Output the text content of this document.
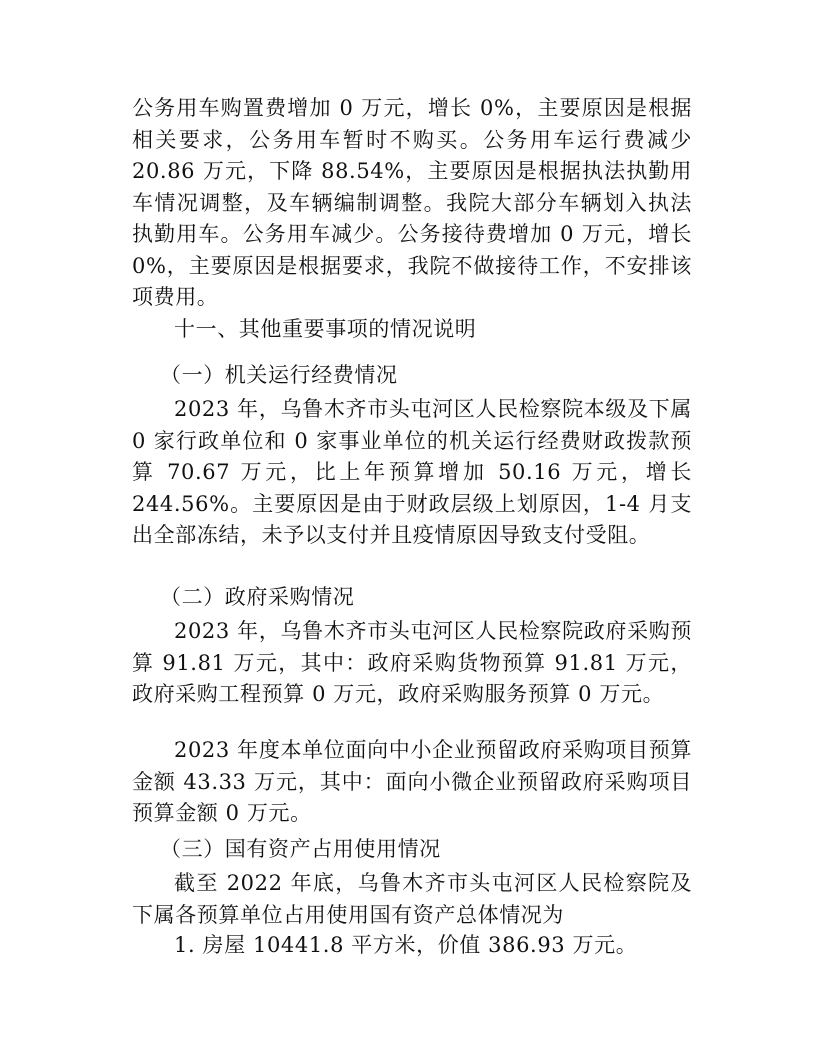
公务用车购置费增加 0 万元，增长 0%，主要原因是根据相关要求，公务用车暂时不购买。公务用车运行费减少 20.86 万元，下降 88.54%，主要原因是根据执法执勤用车情况调整，及车辆编制调整。我院大部分车辆划入执法执勤用车。公务用车减少。公务接待费增加 0 万元，增长 0%，主要原因是根据要求，我院不做接待工作，不安排该项费用。

十一、其他重要事项的情况说明
（一）机关运行经费情况

2023 年，乌鲁木齐市头屯河区人民检察院本级及下属 0 家行政单位和 0 家事业单位的机关运行经费财政拨款预算 70.67 万元，比上年预算增加 50.16 万元，增长 244.56%。主要原因是由于财政层级上划原因，1-4 月支出全部冻结，未予以支付并且疫情原因导致支付受阻。

（二）政府采购情况

2023 年，乌鲁木齐市头屯河区人民检察院政府采购预算 91.81 万元，其中：政府采购货物预算 91.81 万元，政府采购工程预算 0 万元，政府采购服务预算 0 万元。

2023 年度本单位面向中小企业预留政府采购项目预算金额 43.33 万元，其中：面向小微企业预留政府采购项目预算金额 0 万元。

（三）国有资产占用使用情况

截至 2022 年底，乌鲁木齐市头屯河区人民检察院及下属各预算单位占用使用国有资产总体情况为

1. 房屋 10441.8 平方米，价值 386.93 万元。
